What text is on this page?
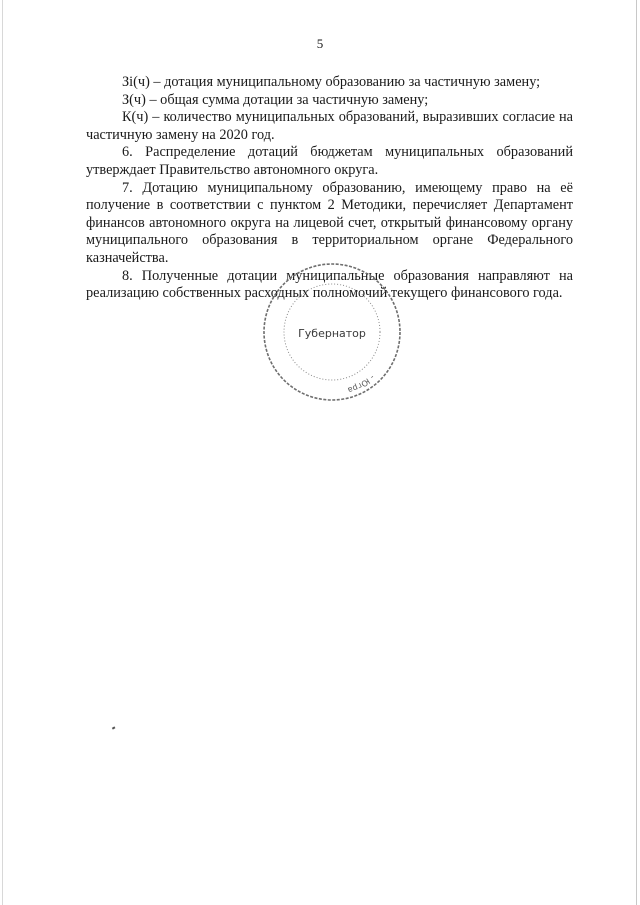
5

Зi(ч) – дотация муниципальному образованию за частичную замену;

З(ч) – общая сумма дотации за частичную замену;

К(ч) – количество муниципальных образований, выразивших согласие на частичную замену на 2020 год.

6. Распределение дотаций бюджетам муниципальных образований утверждает Правительство автономного округа.

7. Дотацию муниципальному образованию, имеющему право на её получение в соответствии с пунктом 2 Методики, перечисляет Департамент финансов автономного округа на лицевой счет, открытый финансовому органу муниципального образования в территориальном органе Федерального казначейства.

8. Полученные дотации муниципальные образования направляют на реализацию собственных расходных полномочий текущего финансового года.

- Югра
Губернатор
